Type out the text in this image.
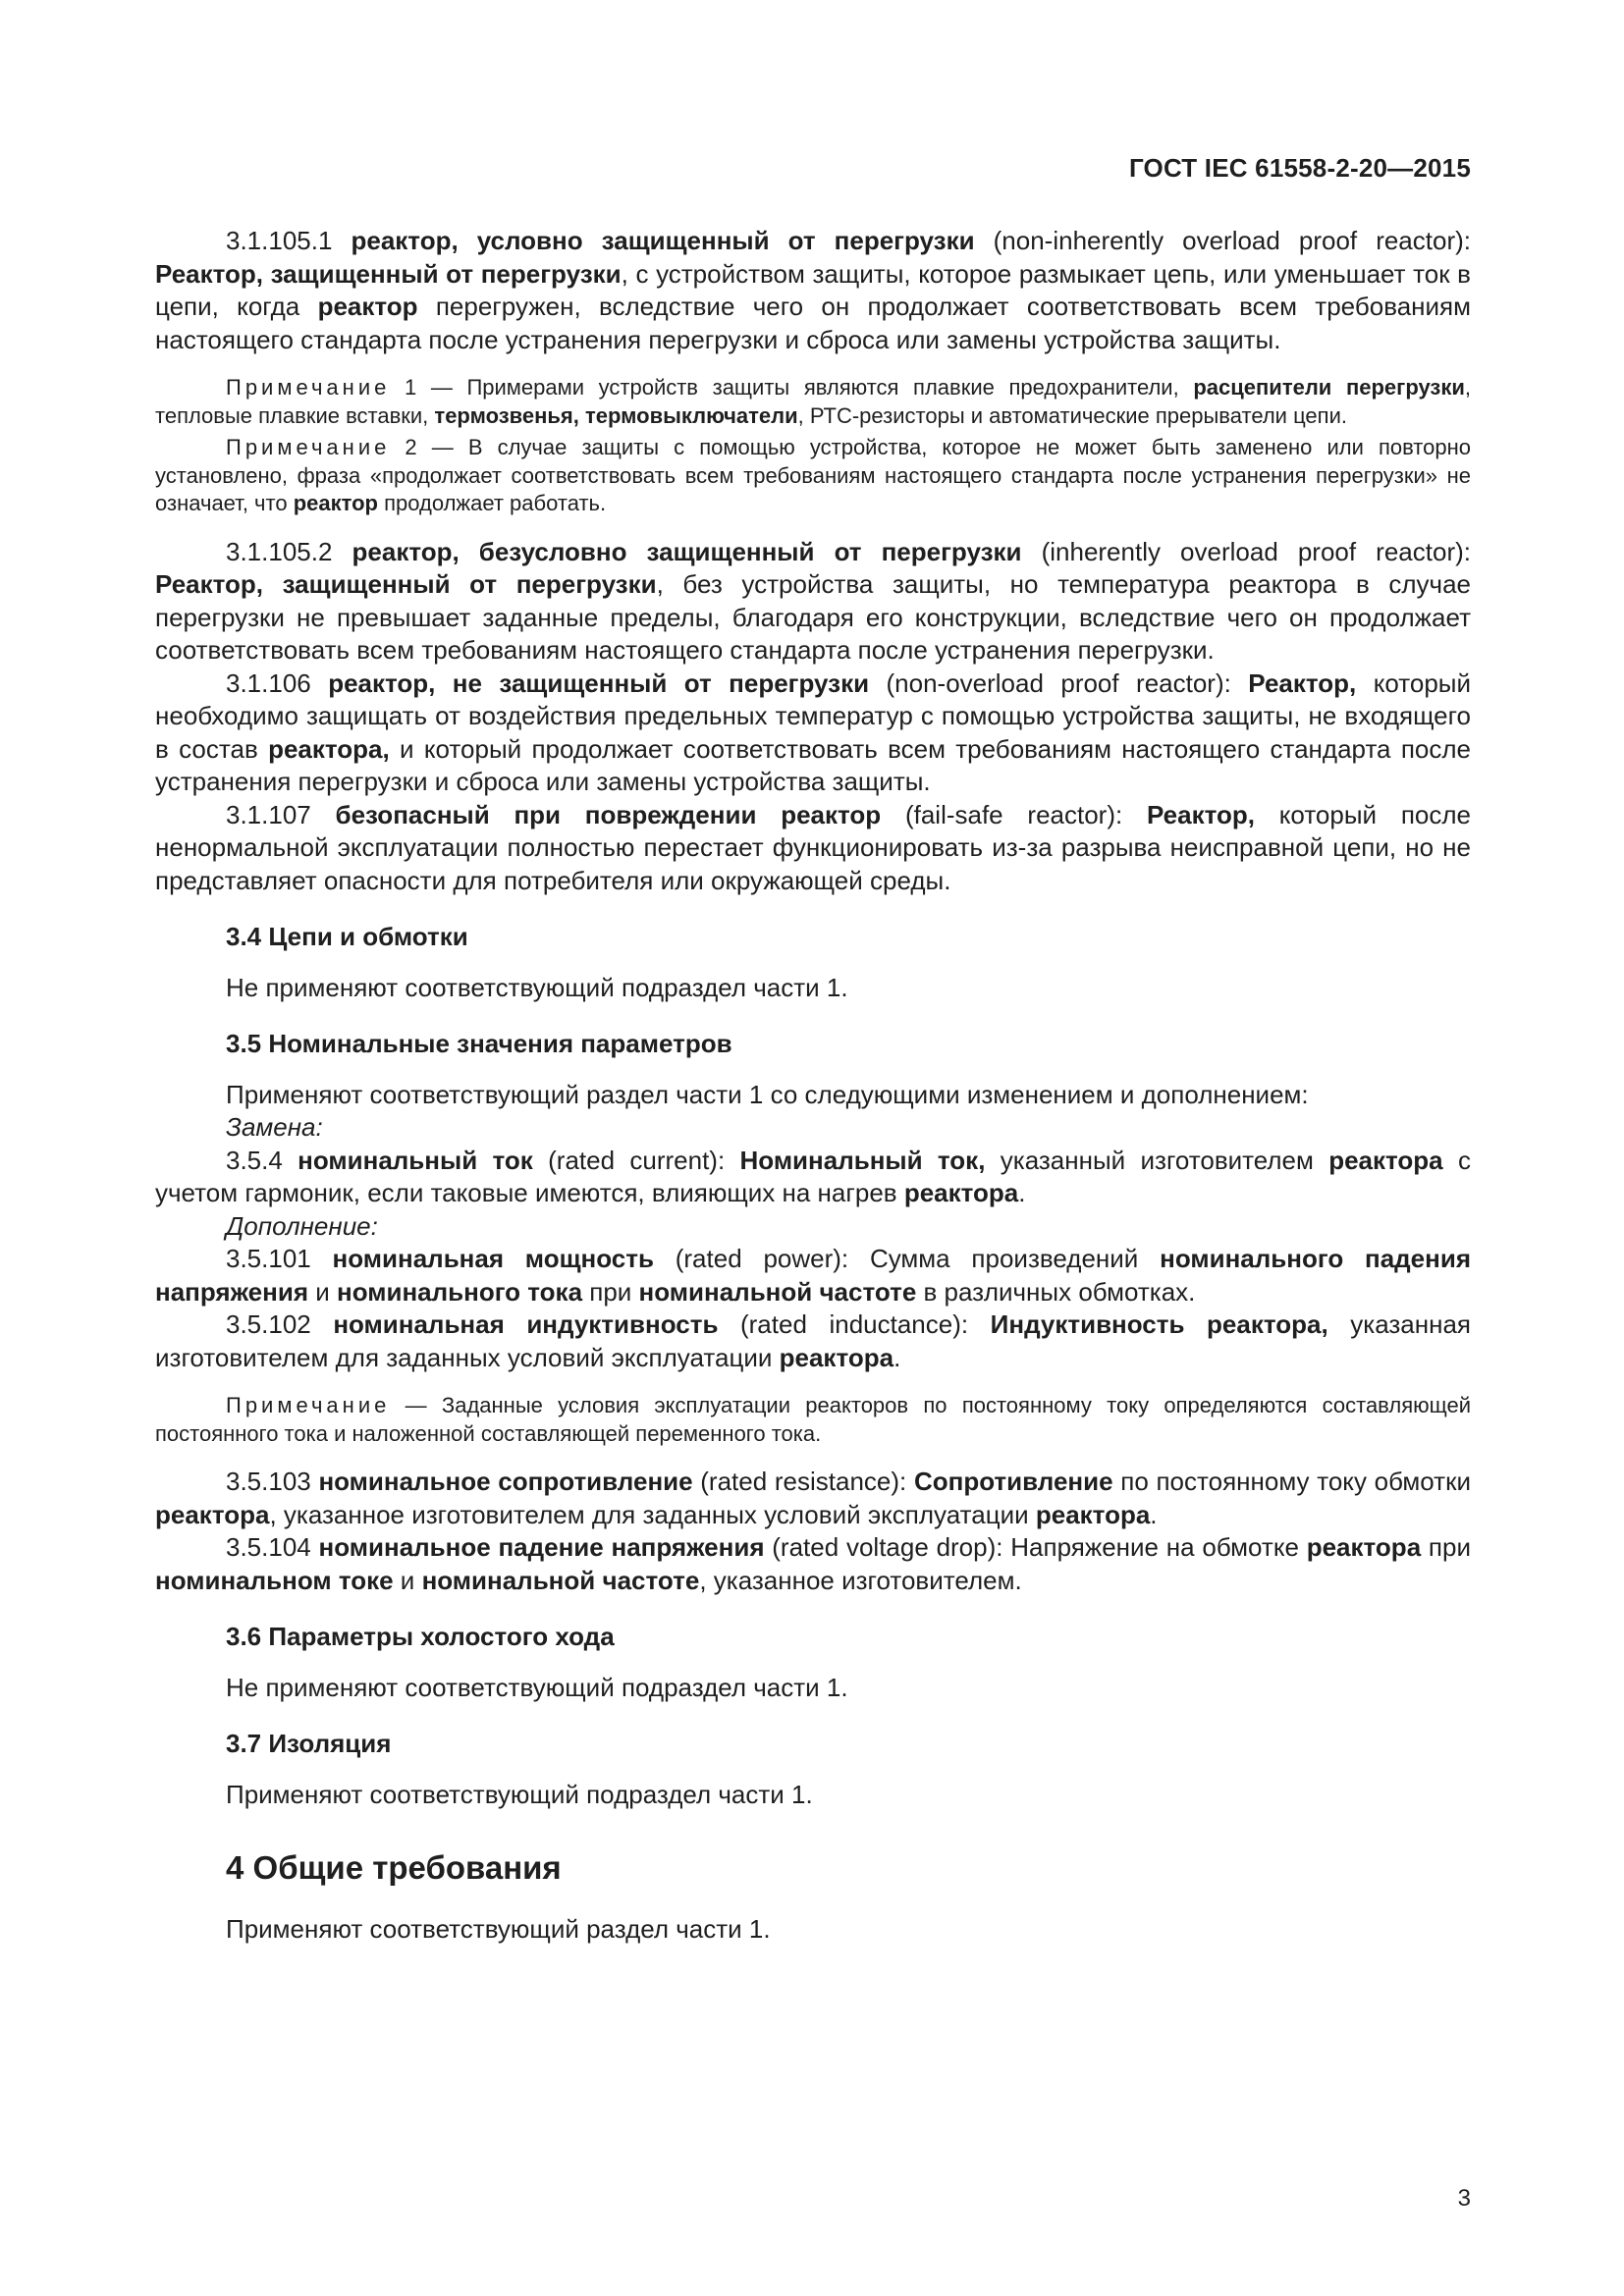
ГОСТ IEC 61558-2-20—2015

3.1.105.1 реактор, условно защищенный от перегрузки (non-inherently overload proof reactor): Реактор, защищенный от перегрузки, с устройством защиты, которое размыкает цепь, или уменьшает ток в цепи, когда реактор перегружен, вследствие чего он продолжает соответствовать всем требованиям настоящего стандарта после устранения перегрузки и сброса или замены устройства защиты.

Примечание 1 — Примерами устройств защиты являются плавкие предохранители, расцепители перегрузки, тепловые плавкие вставки, термозвенья, термовыключатели, РТС-резисторы и автоматические прерыватели цепи.

Примечание 2 — В случае защиты с помощью устройства, которое не может быть заменено или повторно установлено, фраза «продолжает соответствовать всем требованиям настоящего стандарта после устранения перегрузки» не означает, что реактор продолжает работать.

3.1.105.2 реактор, безусловно защищенный от перегрузки (inherently overload proof reactor): Реактор, защищенный от перегрузки, без устройства защиты, но температура реактора в случае перегрузки не превышает заданные пределы, благодаря его конструкции, вследствие чего он продолжает соответствовать всем требованиям настоящего стандарта после устранения перегрузки.

3.1.106 реактор, не защищенный от перегрузки (non-overload proof reactor): Реактор, который необходимо защищать от воздействия предельных температур с помощью устройства защиты, не входящего в состав реактора, и который продолжает соответствовать всем требованиям настоящего стандарта после устранения перегрузки и сброса или замены устройства защиты.

3.1.107 безопасный при повреждении реактор (fail-safe reactor): Реактор, который после ненормальной эксплуатации полностью перестает функционировать из-за разрыва неисправной цепи, но не представляет опасности для потребителя или окружающей среды.

3.4 Цепи и обмотки

Не применяют соответствующий подраздел части 1.

3.5 Номинальные значения параметров

Применяют соответствующий раздел части 1 со следующими изменением и дополнением:

Замена:

3.5.4 номинальный ток (rated current): Номинальный ток, указанный изготовителем реактора с учетом гармоник, если таковые имеются, влияющих на нагрев реактора.

Дополнение:

3.5.101 номинальная мощность (rated power): Сумма произведений номинального падения напряжения и номинального тока при номинальной частоте в различных обмотках.

3.5.102 номинальная индуктивность (rated inductance): Индуктивность реактора, указанная изготовителем для заданных условий эксплуатации реактора.

Примечание — Заданные условия эксплуатации реакторов по постоянному току определяются составляющей постоянного тока и наложенной составляющей переменного тока.

3.5.103 номинальное сопротивление (rated resistance): Сопротивление по постоянному току обмотки реактора, указанное изготовителем для заданных условий эксплуатации реактора.

3.5.104 номинальное падение напряжения (rated voltage drop): Напряжение на обмотке реактора при номинальном токе и номинальной частоте, указанное изготовителем.

3.6 Параметры холостого хода

Не применяют соответствующий подраздел части 1.

3.7 Изоляция

Применяют соответствующий подраздел части 1.

4 Общие требования

Применяют соответствующий раздел части 1.

3
